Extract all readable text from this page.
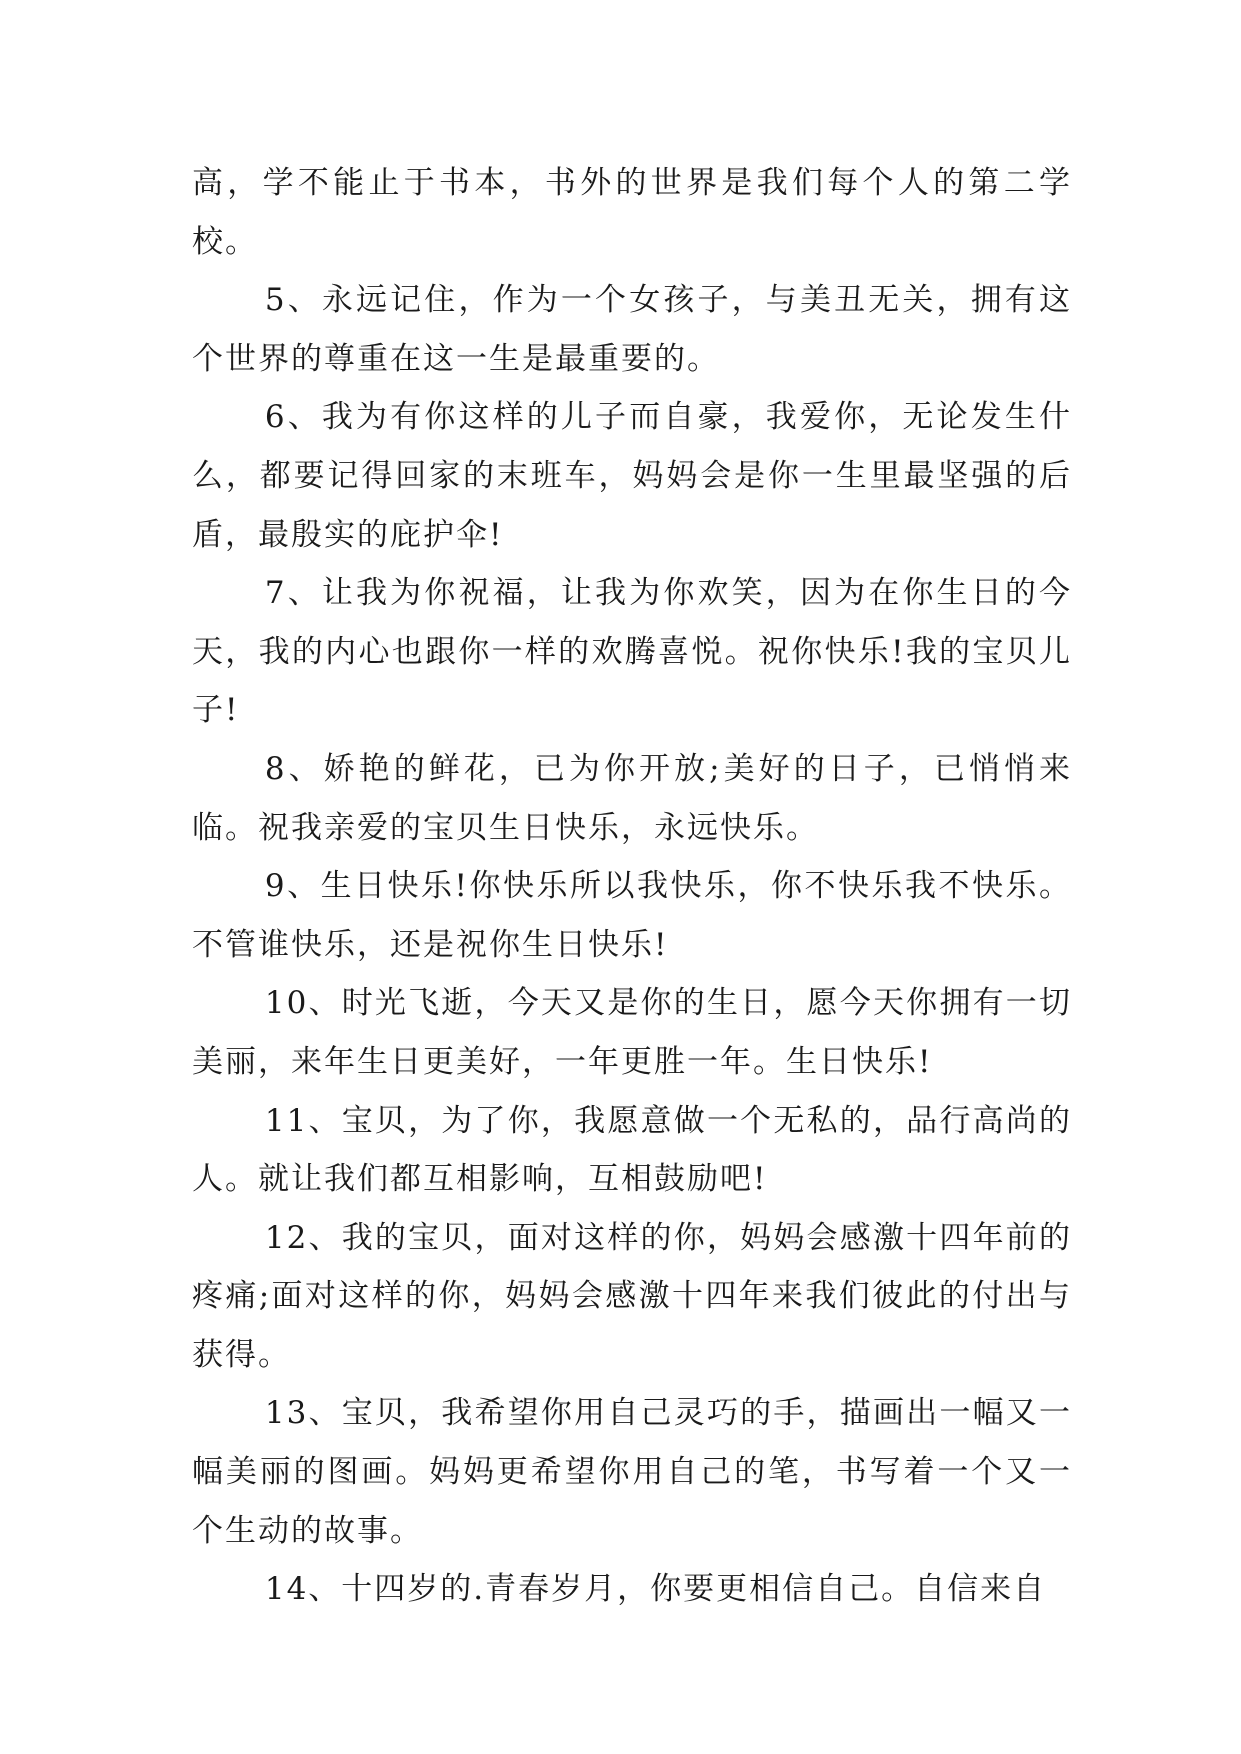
高，学不能止于书本，书外的世界是我们每个人的第二学校。

5、永远记住，作为一个女孩子，与美丑无关，拥有这个世界的尊重在这一生是最重要的。

6、我为有你这样的儿子而自豪，我爱你，无论发生什么，都要记得回家的末班车，妈妈会是你一生里最坚强的后盾，最殷实的庇护伞!

7、让我为你祝福，让我为你欢笑，因为在你生日的今天，我的内心也跟你一样的欢腾喜悦。祝你快乐!我的宝贝儿子!

8、娇艳的鲜花，已为你开放;美好的日子，已悄悄来临。祝我亲爱的宝贝生日快乐，永远快乐。

9、生日快乐!你快乐所以我快乐，你不快乐我不快乐。不管谁快乐，还是祝你生日快乐!

10、时光飞逝，今天又是你的生日，愿今天你拥有一切美丽，来年生日更美好，一年更胜一年。生日快乐!

11、宝贝，为了你，我愿意做一个无私的，品行高尚的人。就让我们都互相影响，互相鼓励吧!

12、我的宝贝，面对这样的你，妈妈会感激十四年前的疼痛;面对这样的你，妈妈会感激十四年来我们彼此的付出与获得。

13、宝贝，我希望你用自己灵巧的手，描画出一幅又一幅美丽的图画。妈妈更希望你用自己的笔，书写着一个又一个生动的故事。

14、十四岁的.青春岁月，你要更相信自己。自信来自
